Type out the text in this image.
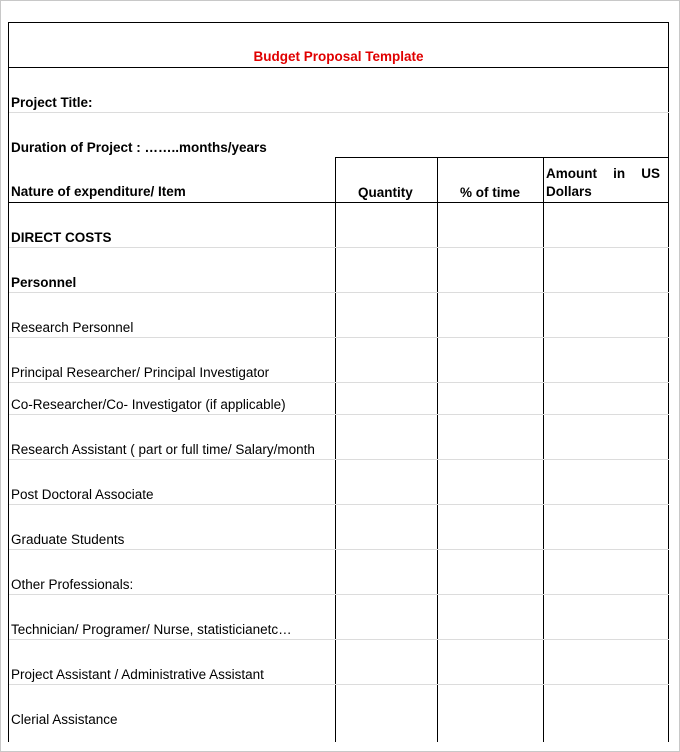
Budget Proposal Template
Project Title:
Duration of Project : ……..months/years
Nature of expenditure/ Item	Quantity	% of time
Amount in US
Dollars
DIRECT COSTS
Personnel
Research Personnel
Principal Researcher/ Principal Investigator
Co-Researcher/Co- Investigator (if applicable)
Research Assistant ( part or full time/ Salary/month
Post Doctoral Associate
Graduate Students
Other Professionals:
Technician/ Programer/ Nurse, statisticianetc…
Project Assistant / Administrative Assistant
Clerial Assistance
